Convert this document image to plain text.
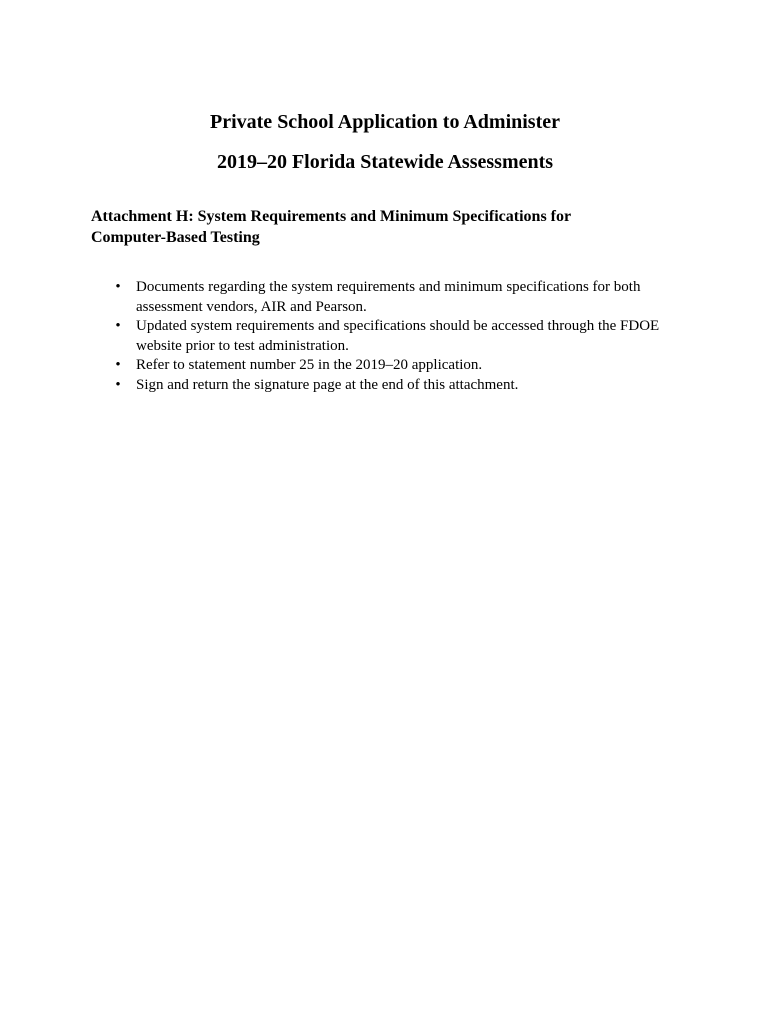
Private School Application to Administer
2019–20 Florida Statewide Assessments
Attachment H: System Requirements and Minimum Specifications for
Computer-Based Testing
• Documents regarding the system requirements and minimum specifications for both
assessment vendors, AIR and Pearson.
• Updated system requirements and specifications should be accessed through the FDOE
website prior to test administration.
• Refer to statement number 25 in the 2019–20 application.
• Sign and return the signature page at the end of this attachment.
